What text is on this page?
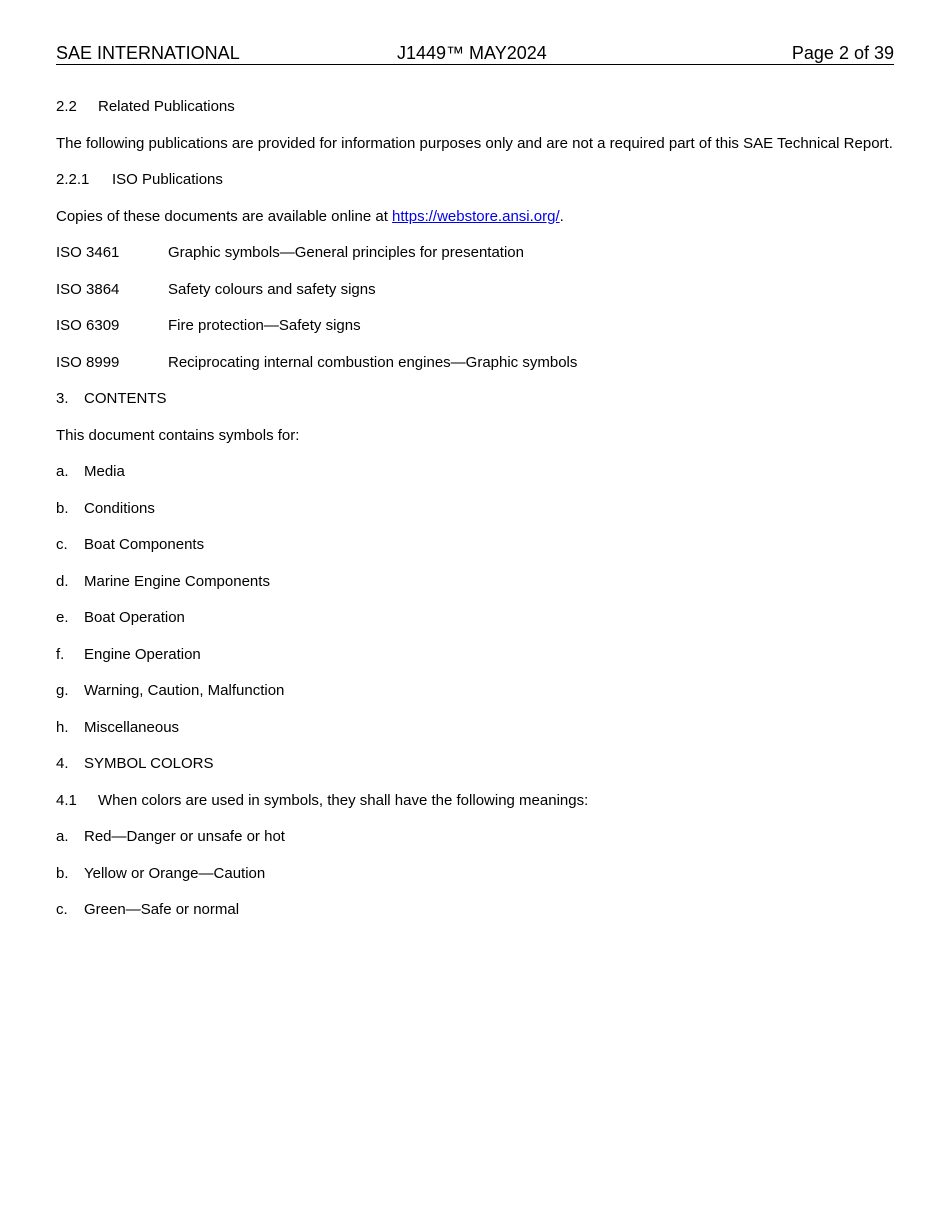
SAE INTERNATIONAL	J1449™ MAY2024	Page 2 of 39
2.2 Related Publications
The following publications are provided for information purposes only and are not a required part of this SAE Technical Report.
2.2.1 ISO Publications
Copies of these documents are available online at https://webstore.ansi.org/.
ISO 3461	Graphic symbols—General principles for presentation
ISO 3864	Safety colours and safety signs
ISO 6309	Fire protection—Safety signs
ISO 8999	Reciprocating internal combustion engines—Graphic symbols
3. CONTENTS
This document contains symbols for:
a. Media
b. Conditions
c. Boat Components
d. Marine Engine Components
e. Boat Operation
f. Engine Operation
g. Warning, Caution, Malfunction
h. Miscellaneous
4. SYMBOL COLORS
4.1 When colors are used in symbols, they shall have the following meanings:
a. Red—Danger or unsafe or hot
b. Yellow or Orange—Caution
c. Green—Safe or normal
